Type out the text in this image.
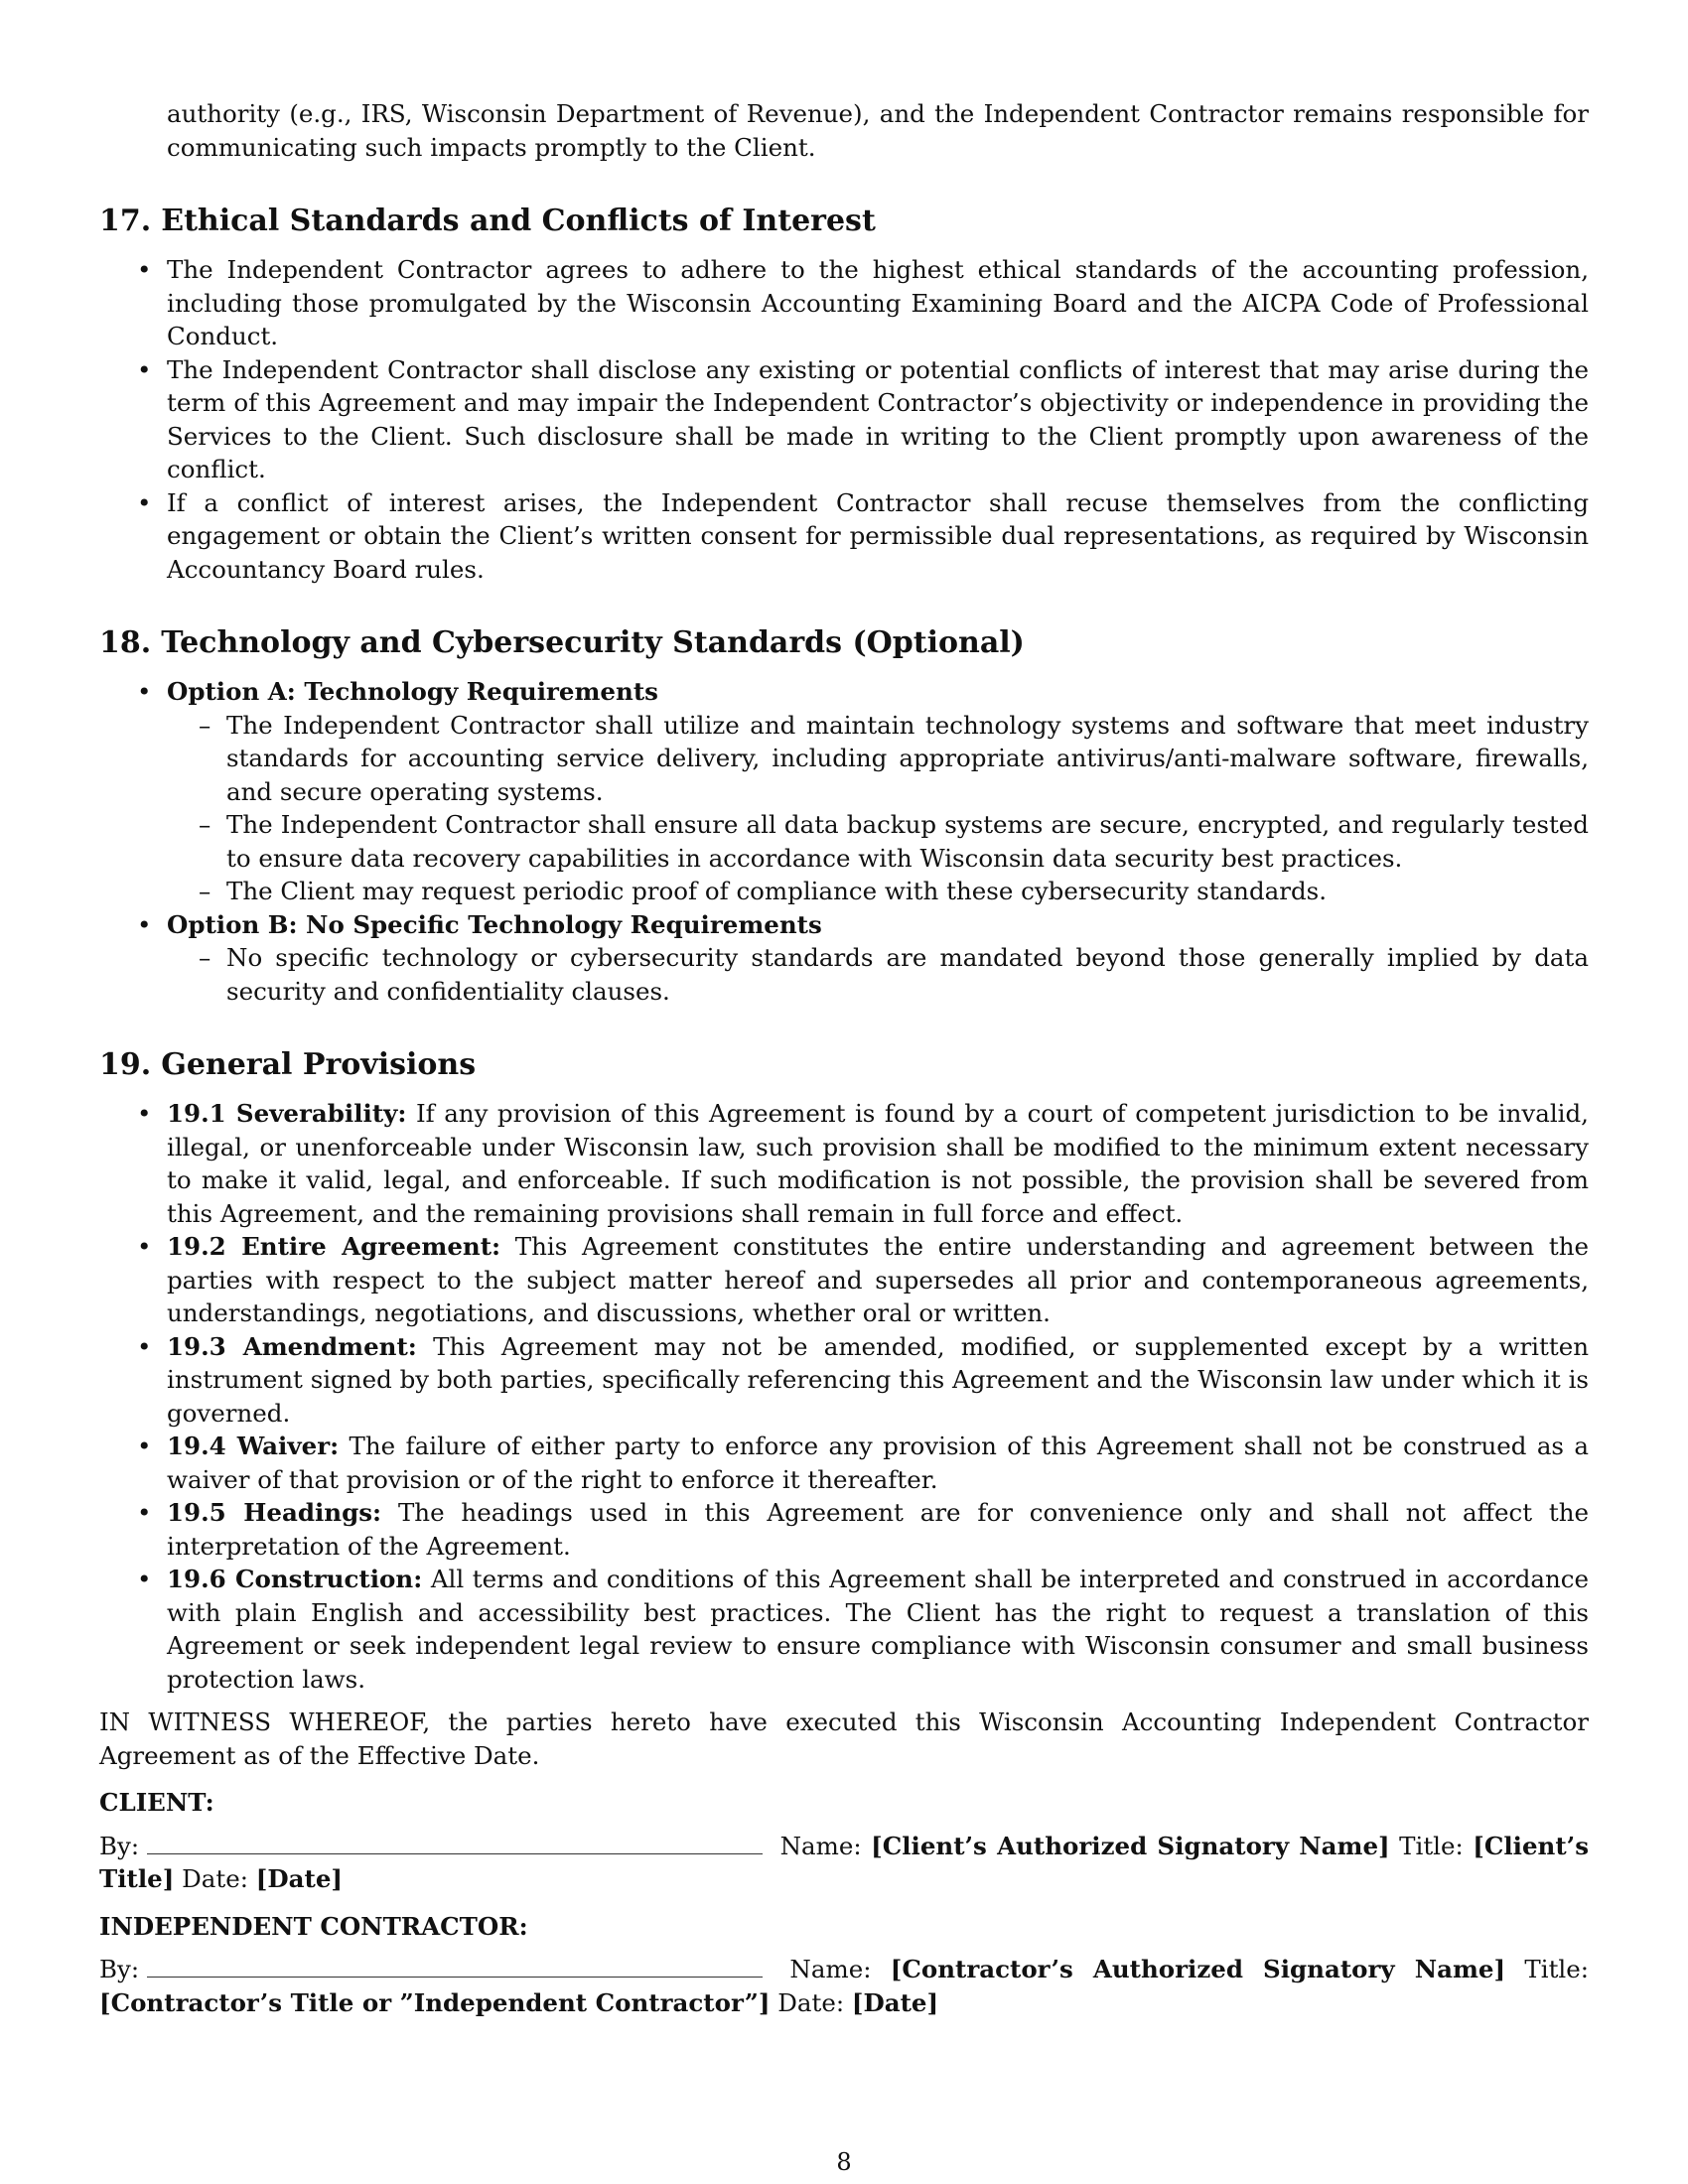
authority (e.g., IRS, Wisconsin Department of Revenue), and the Independent Contractor remains responsible for communicating such impacts promptly to the Client.
17. Ethical Standards and Conflicts of Interest
• The Independent Contractor agrees to adhere to the highest ethical standards of the accounting profession, including those promulgated by the Wisconsin Accounting Examining Board and the AICPA Code of Professional Conduct.
• The Independent Contractor shall disclose any existing or potential conflicts of interest that may arise during the term of this Agreement and may impair the Independent Contractor’s objectivity or independence in providing the Services to the Client. Such disclosure shall be made in writing to the Client promptly upon awareness of the conflict.
• If a conflict of interest arises, the Independent Contractor shall recuse themselves from the conflicting engagement or obtain the Client’s written consent for permissible dual representations, as required by Wisconsin Accountancy Board rules.
18. Technology and Cybersecurity Standards (Optional)
• Option A: Technology Requirements
– The Independent Contractor shall utilize and maintain technology systems and software that meet industry standards for accounting service delivery, including appropriate antivirus/anti-malware software, firewalls, and secure operating systems.
– The Independent Contractor shall ensure all data backup systems are secure, encrypted, and regularly tested to ensure data recovery capabilities in accordance with Wisconsin data security best practices.
– The Client may request periodic proof of compliance with these cybersecurity standards.
• Option B: No Specific Technology Requirements
– No specific technology or cybersecurity standards are mandated beyond those generally implied by data security and confidentiality clauses.
19. General Provisions
• 19.1 Severability: If any provision of this Agreement is found by a court of competent jurisdiction to be invalid, illegal, or unenforceable under Wisconsin law, such provision shall be modified to the minimum extent necessary to make it valid, legal, and enforceable. If such modification is not possible, the provision shall be severed from this Agreement, and the remaining provisions shall remain in full force and effect.
• 19.2 Entire Agreement: This Agreement constitutes the entire understanding and agreement between the parties with respect to the subject matter hereof and supersedes all prior and contemporaneous agreements, understandings, negotiations, and discussions, whether oral or written.
• 19.3 Amendment: This Agreement may not be amended, modified, or supplemented except by a written instrument signed by both parties, specifically referencing this Agreement and the Wisconsin law under which it is governed.
• 19.4 Waiver: The failure of either party to enforce any provision of this Agreement shall not be construed as a waiver of that provision or of the right to enforce it thereafter.
• 19.5 Headings: The headings used in this Agreement are for convenience only and shall not affect the interpretation of the Agreement.
• 19.6 Construction: All terms and conditions of this Agreement shall be interpreted and construed in accordance with plain English and accessibility best practices. The Client has the right to request a translation of this Agreement or seek independent legal review to ensure compliance with Wisconsin consumer and small business protection laws.
IN WITNESS WHEREOF, the parties hereto have executed this Wisconsin Accounting Independent Contractor Agreement as of the Effective Date.
CLIENT:
By:	Name: [Client’s Authorized Signatory Name] Title: [Client’s Title] Date: [Date]
INDEPENDENT CONTRACTOR:
By:	Name: [Contractor’s Authorized Signatory Name] Title: [Contractor’s Title or ”Independent Contractor”] Date: [Date]
8
